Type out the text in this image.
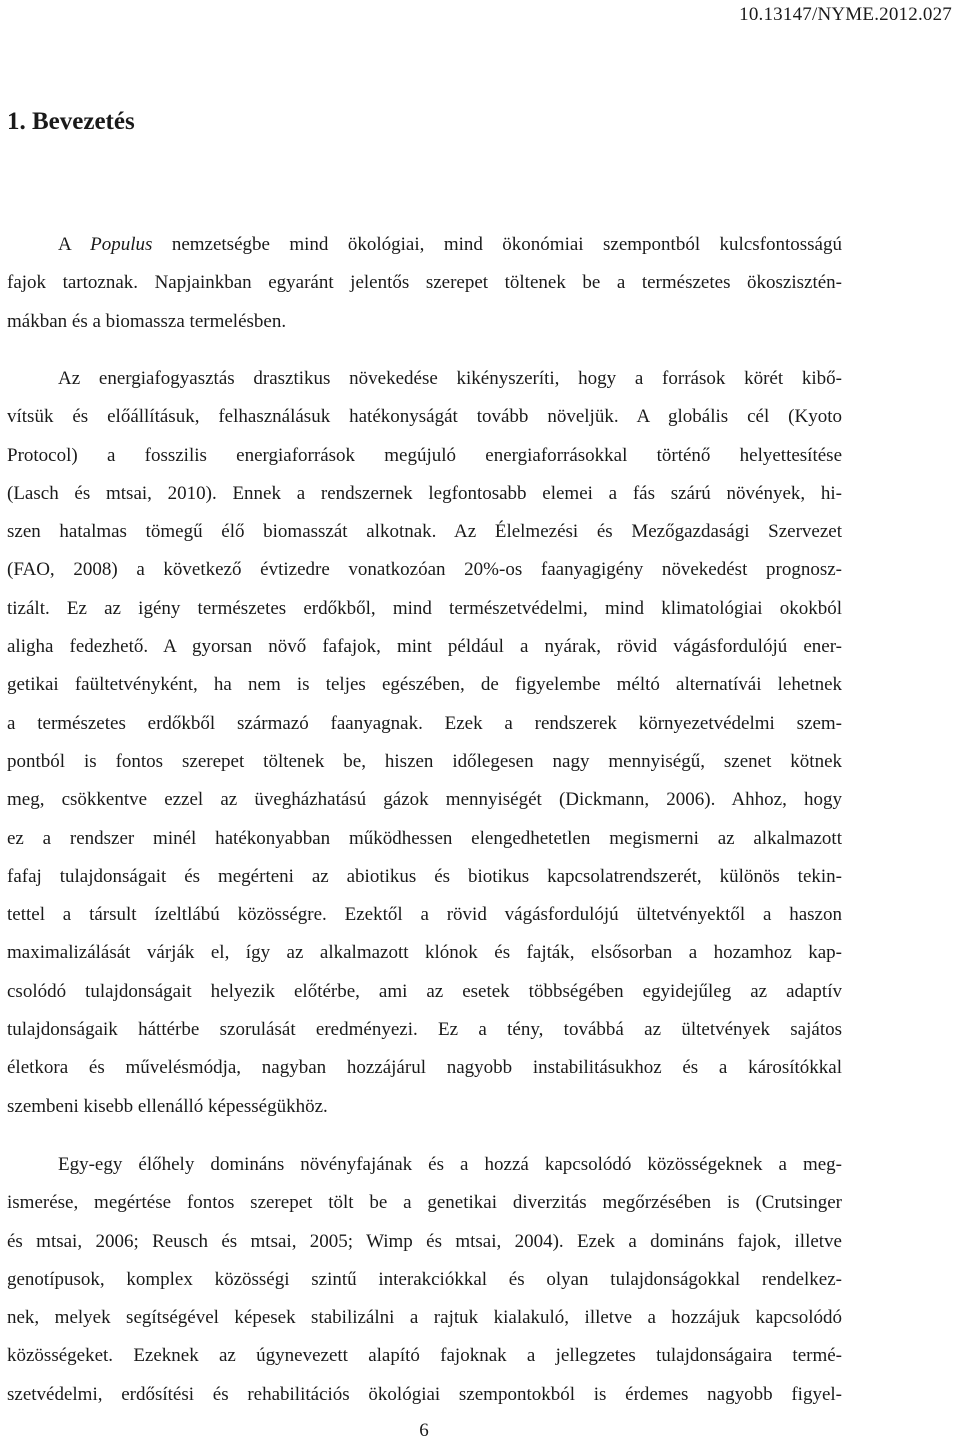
10.13147/NYME.2012.027
1. Bevezetés
A Populus nemzetségbe mind ökológiai, mind ökonómiai szempontból kulcsfontosságú
fajok tartoznak. Napjainkban egyaránt jelentős szerepet töltenek be a természetes ökoszisztén-
mákban és a biomassza termelésben.
Az energiafogyasztás drasztikus növekedése kikényszeríti, hogy a források körét kibő-
vítsük és előállításuk, felhasználásuk hatékonyságát tovább növeljük. A globális cél (Kyoto
Protocol) a fosszilis energiaforrások megújuló energiaforrásokkal történő helyettesítése
(Lasch és mtsai, 2010). Ennek a rendszernek legfontosabb elemei a fás szárú növények, hi-
szen hatalmas tömegű élő biomasszát alkotnak. Az Élelmezési és Mezőgazdasági Szervezet
(FAO, 2008) a következő évtizedre vonatkozóan 20%-os faanyagigény növekedést prognosz-
tizált. Ez az igény természetes erdőkből, mind természetvédelmi, mind klimatológiai okokból
aligha fedezhető. A gyorsan növő fafajok, mint például a nyárak, rövid vágásfordulójú ener-
getikai faültetvényként, ha nem is teljes egészében, de figyelembe méltó alternatívái lehetnek
a természetes erdőkből származó faanyagnak. Ezek a rendszerek környezetvédelmi szem-
pontból is fontos szerepet töltenek be, hiszen időlegesen nagy mennyiségű, szenet kötnek
meg, csökkentve ezzel az üvegházhatású gázok mennyiségét (Dickmann, 2006). Ahhoz, hogy
ez a rendszer minél hatékonyabban működhessen elengedhetetlen megismerni az alkalmazott
fafaj tulajdonságait és megérteni az abiotikus és biotikus kapcsolatrendszerét, különös tekin-
tettel a társult ízeltlábú közösségre. Ezektől a rövid vágásfordulójú ültetvényektől a haszon
maximalizálását várják el, így az alkalmazott klónok és fajták, elsősorban a hozamhoz kap-
csolódó tulajdonságait helyezik előtérbe, ami az esetek többségében egyidejűleg az adaptív
tulajdonságaik háttérbe szorulását eredményezi. Ez a tény, továbbá az ültetvények sajátos
életkora és művelésmódja, nagyban hozzájárul nagyobb instabilitásukhoz és a károsítókkal
szembeni kisebb ellenálló képességükhöz.
Egy-egy élőhely domináns növényfajának és a hozzá kapcsolódó közösségeknek a meg-
ismerése, megértése fontos szerepet tölt be a genetikai diverzitás megőrzésében is (Crutsinger
és mtsai, 2006; Reusch és mtsai, 2005; Wimp és mtsai, 2004). Ezek a domináns fajok, illetve
genotípusok, komplex közösségi szintű interakciókkal és olyan tulajdonságokkal rendelkez-
nek, melyek segítségével képesek stabilizálni a rajtuk kialakuló, illetve a hozzájuk kapcsolódó
közösségeket. Ezeknek az úgynevezett alapító fajoknak a jellegzetes tulajdonságaira termé-
szetvédelmi, erdősítési és rehabilitációs ökológiai szempontokból is érdemes nagyobb figyel-
6
